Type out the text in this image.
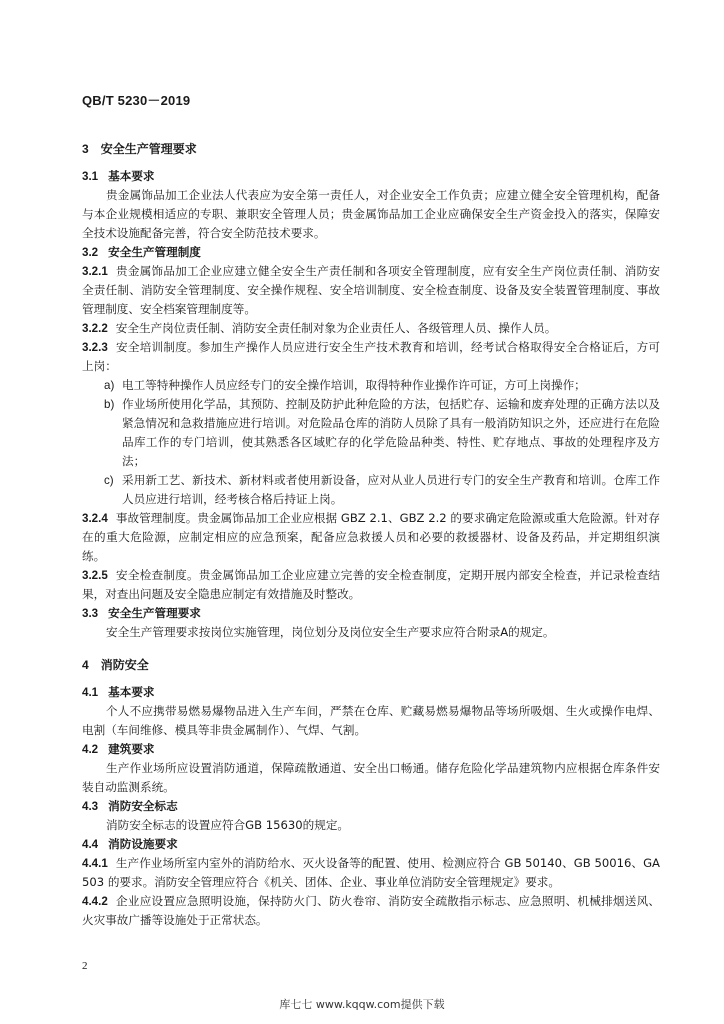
QB/T 5230－2019
3 安全生产管理要求
3.1 基本要求

贵金属饰品加工企业法人代表应为安全第一责任人，对企业安全工作负责；应建立健全安全管理机构，配备与本企业规模相适应的专职、兼职安全管理人员；贵金属饰品加工企业应确保安全生产资金投入的落实，保障安全技术设施配备完善，符合安全防范技术要求。

3.2 安全生产管理制度

3.2.1 贵金属饰品加工企业应建立健全安全生产责任制和各项安全管理制度，应有安全生产岗位责任制、消防安全责任制、消防安全管理制度、安全操作规程、安全培训制度、安全检查制度、设备及安全装置管理制度、事故管理制度、安全档案管理制度等。

3.2.2 安全生产岗位责任制、消防安全责任制对象为企业责任人、各级管理人员、操作人员。

3.2.3 安全培训制度。参加生产操作人员应进行安全生产技术教育和培训，经考试合格取得安全合格证后，方可上岗：

a) 电工等特种操作人员应经专门的安全操作培训，取得特种作业操作许可证，方可上岗操作；
b) 作业场所使用化学品，其预防、控制及防护此种危险的方法，包括贮存、运输和废弃处理的正确方法以及紧急情况和急救措施应进行培训。对危险品仓库的消防人员除了具有一般消防知识之外，还应进行在危险品库工作的专门培训，使其熟悉各区域贮存的化学危险品种类、特性、贮存地点、事故的处理程序及方法；
c) 采用新工艺、新技术、新材料或者使用新设备，应对从业人员进行专门的安全生产教育和培训。仓库工作人员应进行培训，经考核合格后持证上岗。

3.2.4 事故管理制度。贵金属饰品加工企业应根据 GBZ 2.1、GBZ 2.2 的要求确定危险源或重大危险源。针对存在的重大危险源，应制定相应的应急预案，配备应急救援人员和必要的救援器材、设备及药品，并定期组织演练。

3.2.5 安全检查制度。贵金属饰品加工企业应建立完善的安全检查制度，定期开展内部安全检查，并记录检查结果，对查出问题及安全隐患应制定有效措施及时整改。

3.3 安全生产管理要求

安全生产管理要求按岗位实施管理，岗位划分及岗位安全生产要求应符合附录A的规定。

4 消防安全
4.1 基本要求

个人不应携带易燃易爆物品进入生产车间，严禁在仓库、贮藏易燃易爆物品等场所吸烟、生火或操作电焊、电割（车间维修、模具等非贵金属制作）、气焊、气割。

4.2 建筑要求

生产作业场所应设置消防通道，保障疏散通道、安全出口畅通。储存危险化学品建筑物内应根据仓库条件安装自动监测系统。

4.3 消防安全标志

消防安全标志的设置应符合GB 15630的规定。

4.4 消防设施要求

4.4.1 生产作业场所室内室外的消防给水、灭火设备等的配置、使用、检测应符合 GB 50140、GB 50016、GA 503 的要求。消防安全管理应符合《机关、团体、企业、事业单位消防安全管理规定》要求。

4.4.2 企业应设置应急照明设施，保持防火门、防火卷帘、消防安全疏散指示标志、应急照明、机械排烟送风、火灾事故广播等设施处于正常状态。

2
库七七 www.kqqw.com提供下载
